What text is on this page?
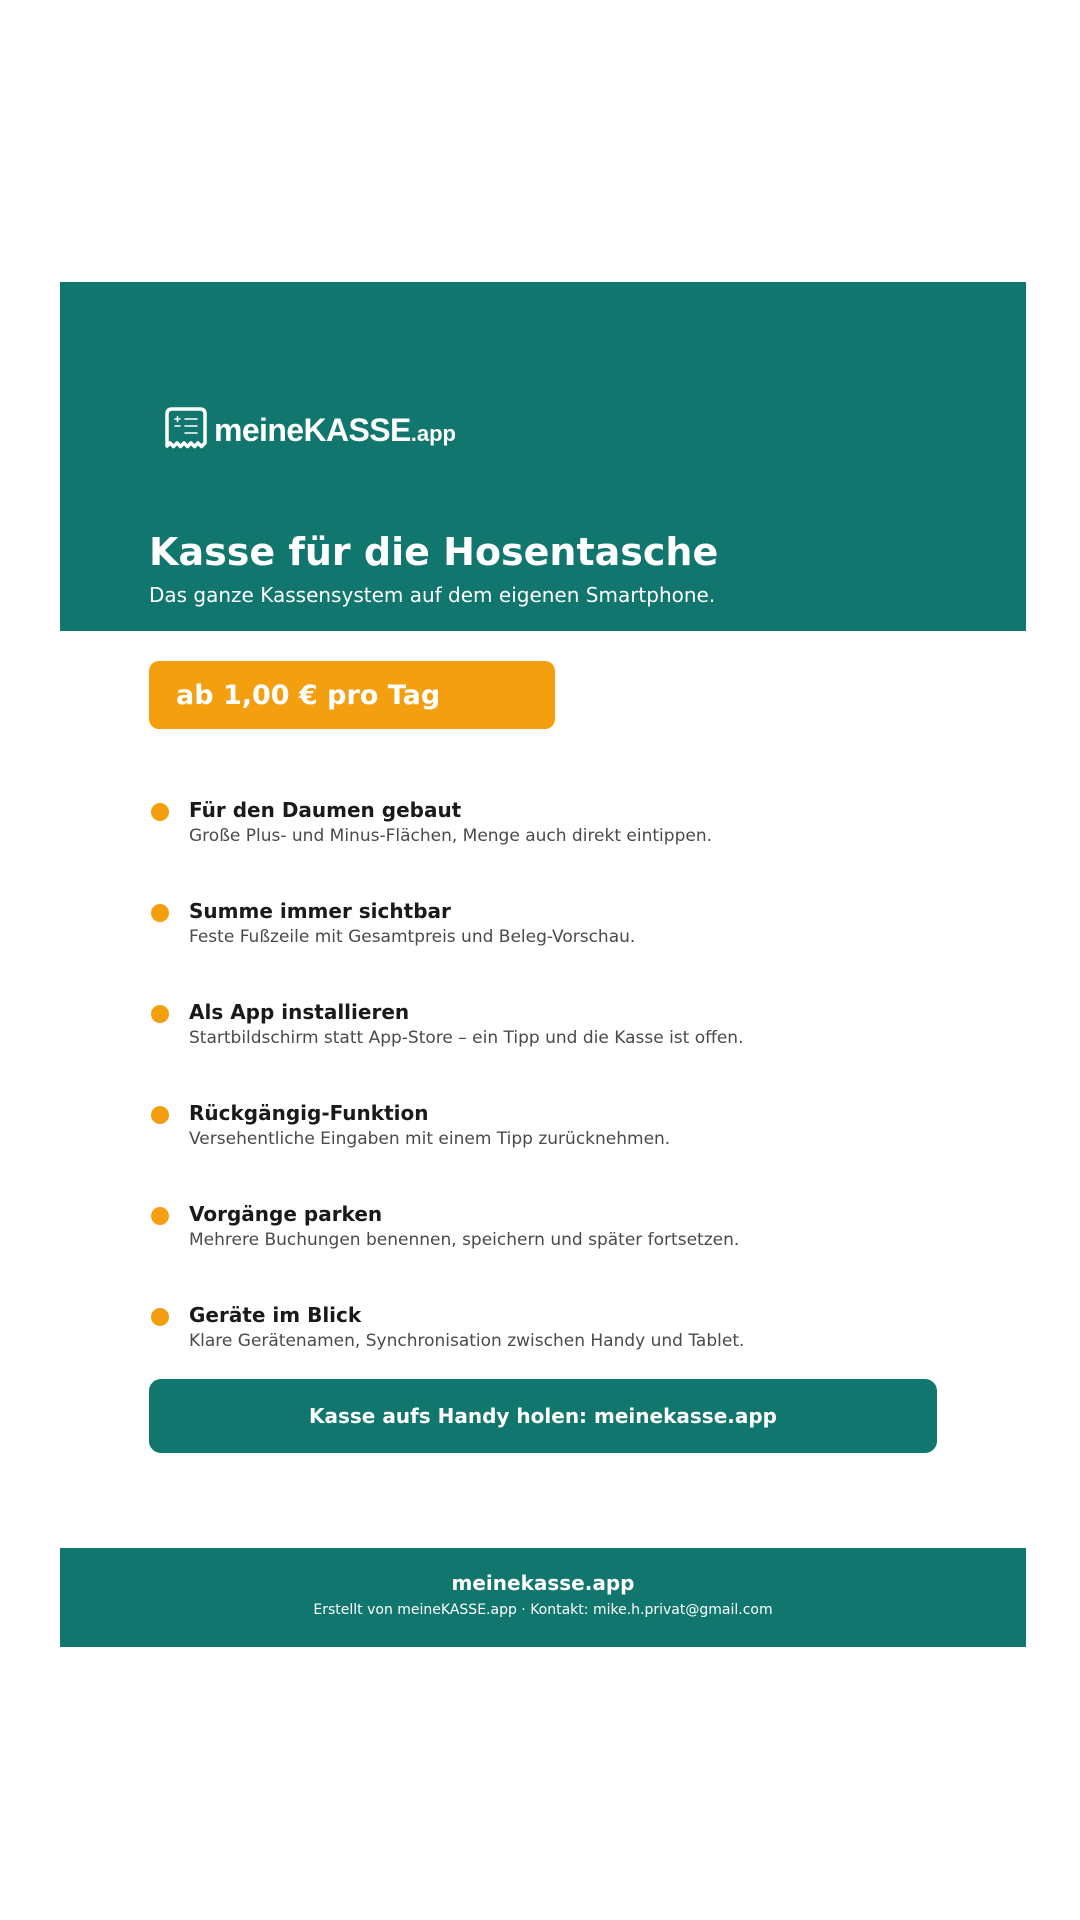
meineKASSE.app
Kasse für die Hosentasche

Das ganze Kassensystem auf dem eigenen Smartphone.

ab 1,00 € pro Tag
Für den Daumen gebaut
Große Plus- und Minus-Flächen, Menge auch direkt eintippen.
Summe immer sichtbar
Feste Fußzeile mit Gesamtpreis und Beleg-Vorschau.
Als App installieren
Startbildschirm statt App-Store – ein Tipp und die Kasse ist offen.
Rückgängig-Funktion
Versehentliche Eingaben mit einem Tipp zurücknehmen.
Vorgänge parken
Mehrere Buchungen benennen, speichern und später fortsetzen.
Geräte im Blick
Klare Gerätenamen, Synchronisation zwischen Handy und Tablet.
Kasse aufs Handy holen: meinekasse.app
meinekasse.app
Erstellt von meineKASSE.app · Kontakt: mike.h.privat@gmail.com
